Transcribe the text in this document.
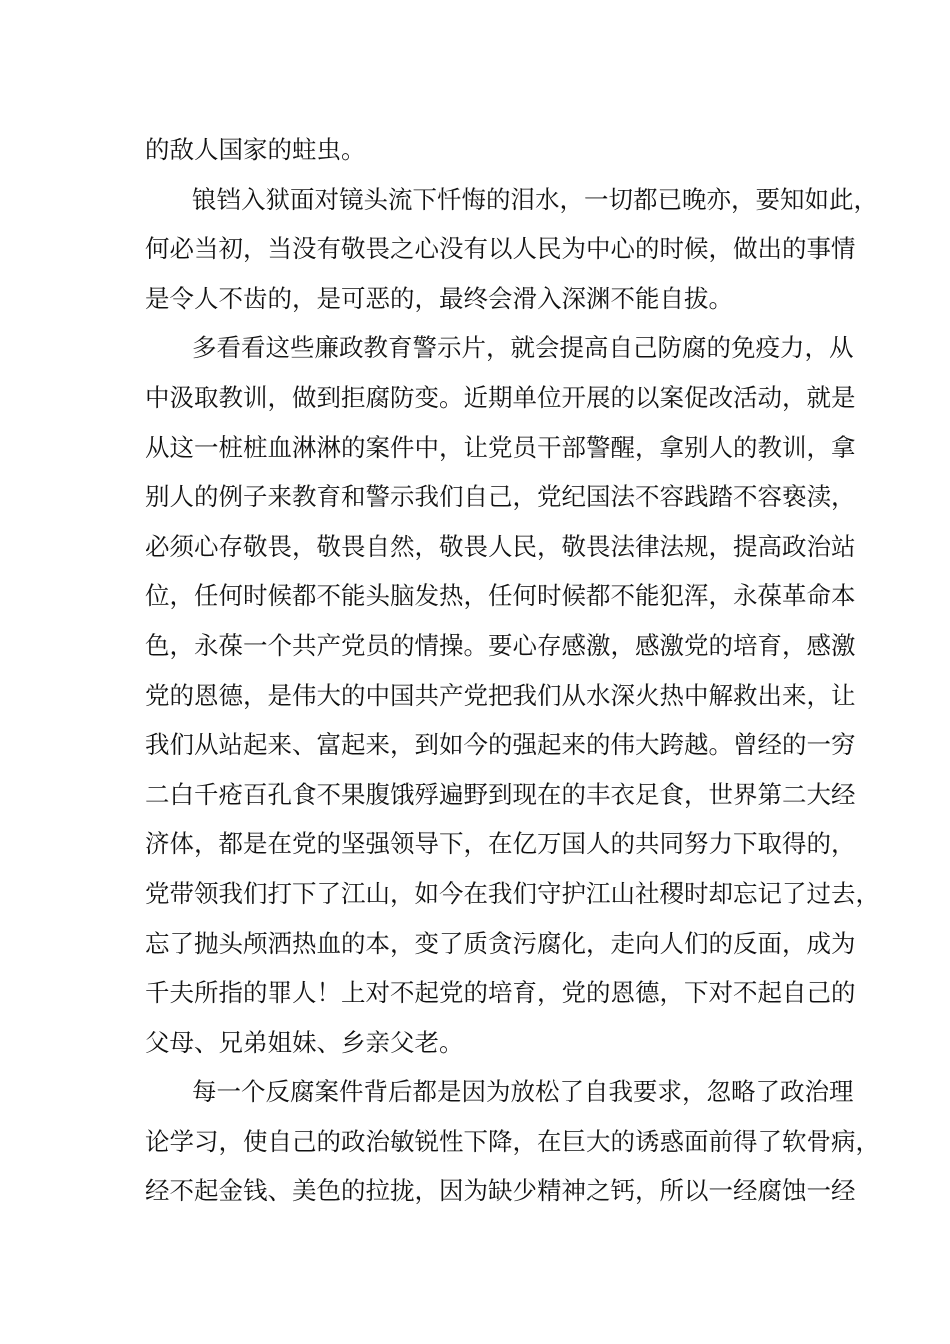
的敌人国家的蛀虫。
锒铛入狱面对镜头流下忏悔的泪水，一切都已晚亦，要知如此，
何必当初，当没有敬畏之心没有以人民为中心的时候，做出的事情
是令人不齿的，是可恶的，最终会滑入深渊不能自拔。
多看看这些廉政教育警示片，就会提高自己防腐的免疫力，从
中汲取教训，做到拒腐防变。近期单位开展的以案促改活动，就是
从这一桩桩血淋淋的案件中，让党员干部警醒，拿别人的教训，拿
别人的例子来教育和警示我们自己，党纪国法不容践踏不容亵渎，
必须心存敬畏，敬畏自然，敬畏人民，敬畏法律法规，提高政治站
位，任何时候都不能头脑发热，任何时候都不能犯浑，永葆革命本
色，永葆一个共产党员的情操。要心存感激，感激党的培育，感激
党的恩德，是伟大的中国共产党把我们从水深火热中解救出来，让
我们从站起来、富起来，到如今的强起来的伟大跨越。曾经的一穷
二白千疮百孔食不果腹饿殍遍野到现在的丰衣足食，世界第二大经
济体，都是在党的坚强领导下，在亿万国人的共同努力下取得的，
党带领我们打下了江山，如今在我们守护江山社稷时却忘记了过去，
忘了抛头颅洒热血的本，变了质贪污腐化，走向人们的反面，成为
千夫所指的罪人！上对不起党的培育，党的恩德，下对不起自己的
父母、兄弟姐妹、乡亲父老。
每一个反腐案件背后都是因为放松了自我要求，忽略了政治理
论学习，使自己的政治敏锐性下降，在巨大的诱惑面前得了软骨病，
经不起金钱、美色的拉拢，因为缺少精神之钙，所以一经腐蚀一经
